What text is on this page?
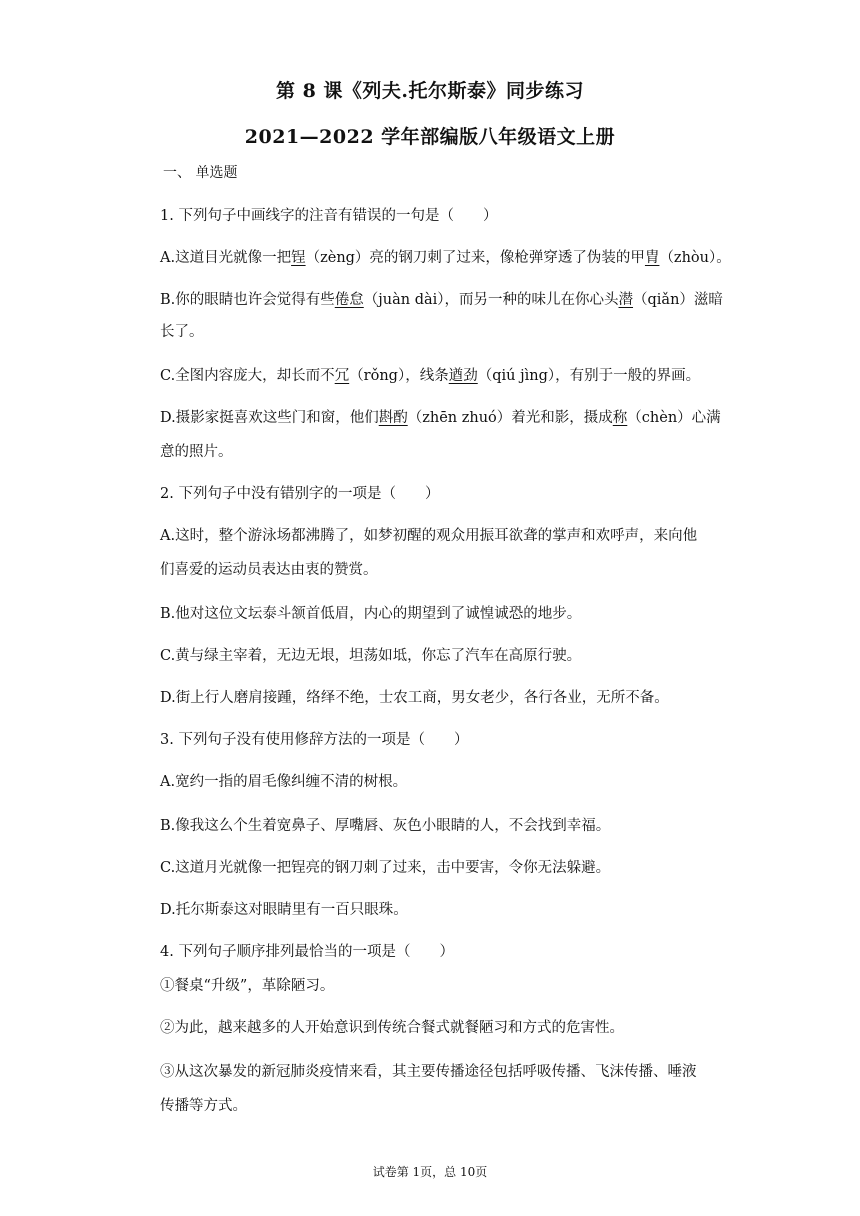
第 8 课《列夫.托尔斯泰》同步练习
2021—2022 学年部编版八年级语文上册
一、 单选题
1. 下列句子中画线字的注音有错误的一句是（　　）
A.这道目光就像一把锃（zèng）亮的钢刀刺了过来，像枪弹穿透了伪装的甲胄（zhòu）。
B.你的眼睛也许会觉得有些倦怠（juàn dài），而另一种的味儿在你心头潜（qiǎn）滋暗
长了。
C.全图内容庞大，却长而不冗（rǒng），线条遒劲（qiú jìng），有别于一般的界画。
D.摄影家挺喜欢这些门和窗，他们斟酌（zhēn zhuó）着光和影，摄成称（chèn）心满
意的照片。
2. 下列句子中没有错别字的一项是（　　）
A.这时，整个游泳场都沸腾了，如梦初醒的观众用振耳欲聋的掌声和欢呼声，来向他
们喜爱的运动员表达由衷的赞赏。
B.他对这位文坛泰斗颔首低眉，内心的期望到了诚惶诚恐的地步。
C.黄与绿主宰着，无边无垠，坦荡如坻，你忘了汽车在高原行驶。
D.街上行人磨肩接踵，络绎不绝，士农工商，男女老少，各行各业，无所不备。
3. 下列句子没有使用修辞方法的一项是（　　）
A.宽约一指的眉毛像纠缠不清的树根。
B.像我这么个生着宽鼻子、厚嘴唇、灰色小眼睛的人，不会找到幸福。
C.这道月光就像一把锃亮的钢刀刺了过来，击中要害，令你无法躲避。
D.托尔斯泰这对眼睛里有一百只眼珠。
4. 下列句子顺序排列最恰当的一项是（　　）
①餐桌“升级”，革除陋习。
②为此，越来越多的人开始意识到传统合餐式就餐陋习和方式的危害性。
③从这次暴发的新冠肺炎疫情来看，其主要传播途径包括呼吸传播、飞沫传播、唾液
传播等方式。
试卷第 1页，总 10页
